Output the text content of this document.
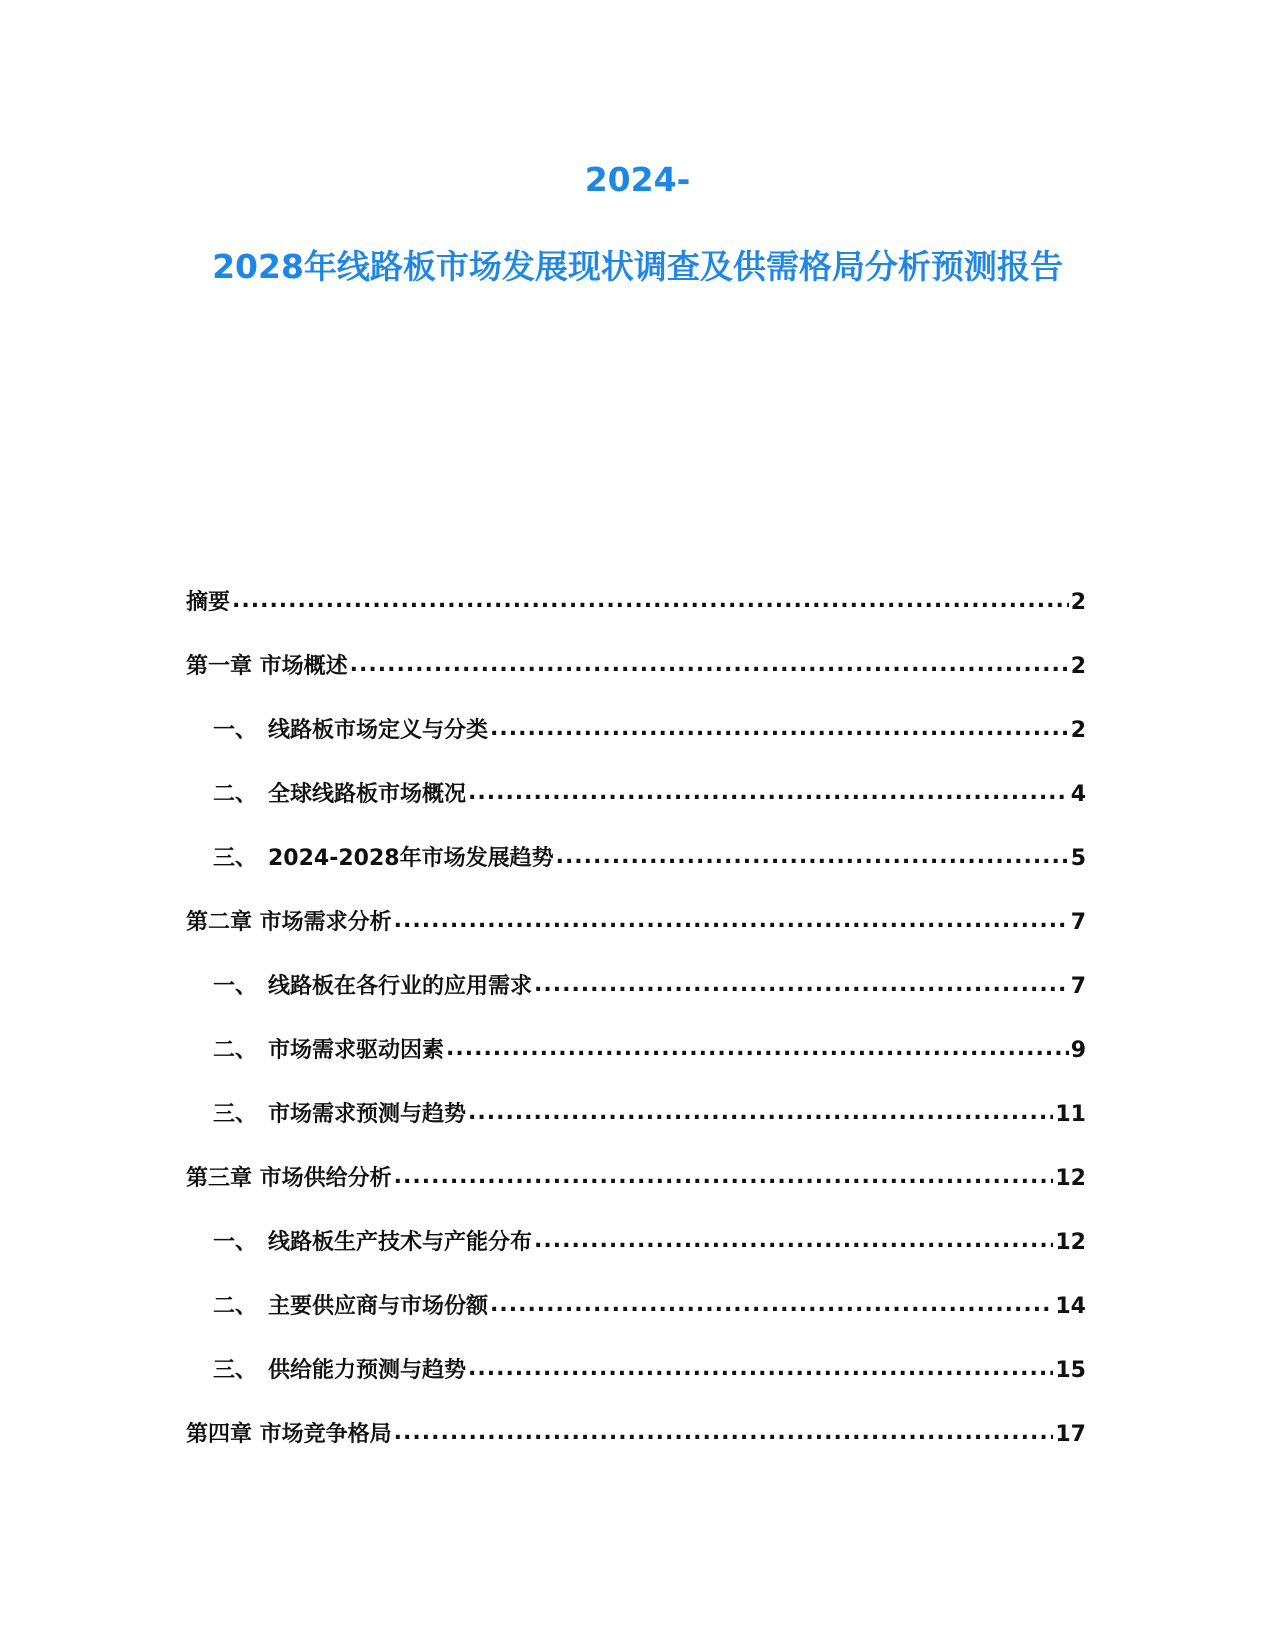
2024-
2028年线路板市场发展现状调查及供需格局分析预测报告
摘要 .....	2
第一章 市场概述 .....	2
一、 线路板市场定义与分类 .....	2
二、 全球线路板市场概况 .....	4
三、 2024-2028年市场发展趋势 .....	5
第二章 市场需求分析 .....	7
一、 线路板在各行业的应用需求 .....	7
二、 市场需求驱动因素 .....	9
三、 市场需求预测与趋势 .....	11
第三章 市场供给分析 .....	12
一、 线路板生产技术与产能分布 .....	12
二、 主要供应商与市场份额 .....	14
三、 供给能力预测与趋势 .....	15
第四章 市场竞争格局 .....	17
